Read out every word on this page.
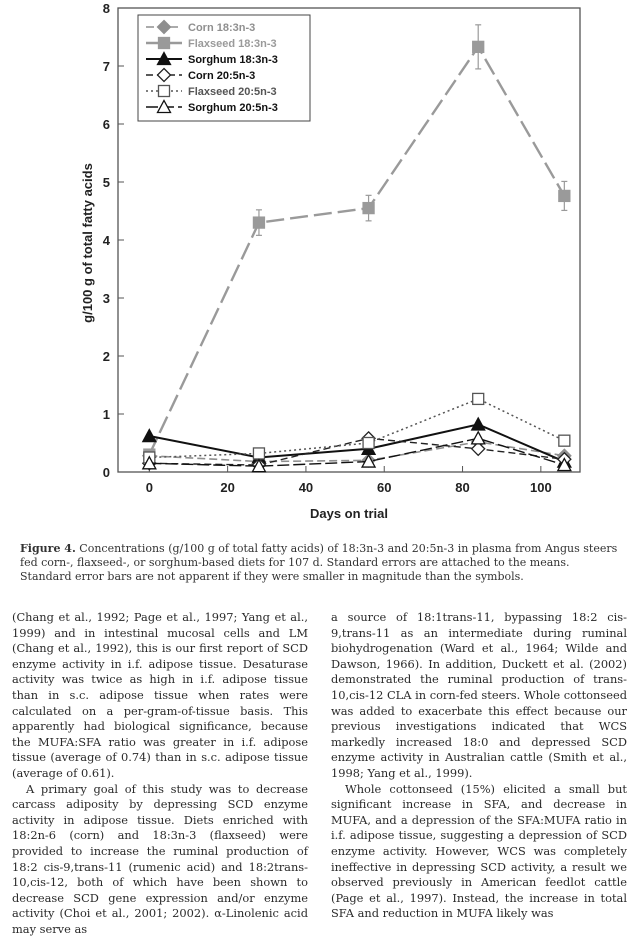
0
1
2
3
4
5
6
7
8
0	20	40	60	80	100
Corn 18:3n-3
Flaxseed 18:3n-3
Sorghum 18:3n-3
Corn 20:5n-3
Flaxseed 20:5n-3
Sorghum 20:5n-3
Days on trial
g/100 g of total fatty acids
Figure 4. Concentrations (g/100 g of total fatty acids) of 18:3n-3 and 20:5n-3 in plasma from Angus steers fed corn-, flaxseed-, or sorghum-based diets for 107 d. Standard errors are attached to the means. Standard error bars are not apparent if they were smaller in magnitude than the symbols.

(Chang et al., 1992; Page et al., 1997; Yang et al., 1999) and in intestinal mucosal cells and LM (Chang et al., 1992), this is our first report of SCD enzyme activity in i.f. adipose tissue. Desaturase activity was twice as high in i.f. adipose tissue than in s.c. adipose tissue when rates were calculated on a per-gram-of-tissue basis. This apparently had biological significance, because the MUFA:SFA ratio was greater in i.f. adipose tissue (average of 0.74) than in s.c. adipose tissue (average of 0.61).

A primary goal of this study was to decrease carcass adiposity by depressing SCD enzyme activity in adipose tissue. Diets enriched with 18:2n-6 (corn) and 18:3n-3 (flaxseed) were provided to increase the ruminal production of 18:2 cis-9,trans-11 (rumenic acid) and 18:2trans-10,cis-12, both of which have been shown to decrease SCD gene expression and/or enzyme activity (Choi et al., 2001; 2002). α-Linolenic acid may serve as

a source of 18:1trans-11, bypassing 18:2 cis-9,trans-11 as an intermediate during ruminal biohydrogenation (Ward et al., 1964; Wilde and Dawson, 1966). In addition, Duckett et al. (2002) demonstrated the ruminal production of trans-10,cis-12 CLA in corn-fed steers. Whole cottonseed was added to exacerbate this effect because our previous investigations indicated that WCS markedly increased 18:0 and depressed SCD enzyme activity in Australian cattle (Smith et al., 1998; Yang et al., 1999).

Whole cottonseed (15%) elicited a small but significant increase in SFA, and decrease in MUFA, and a depression of the SFA:MUFA ratio in i.f. adipose tissue, suggesting a depression of SCD enzyme activity. However, WCS was completely ineffective in depressing SCD activity, a result we observed previously in American feedlot cattle (Page et al., 1997). Instead, the increase in total SFA and reduction in MUFA likely was
